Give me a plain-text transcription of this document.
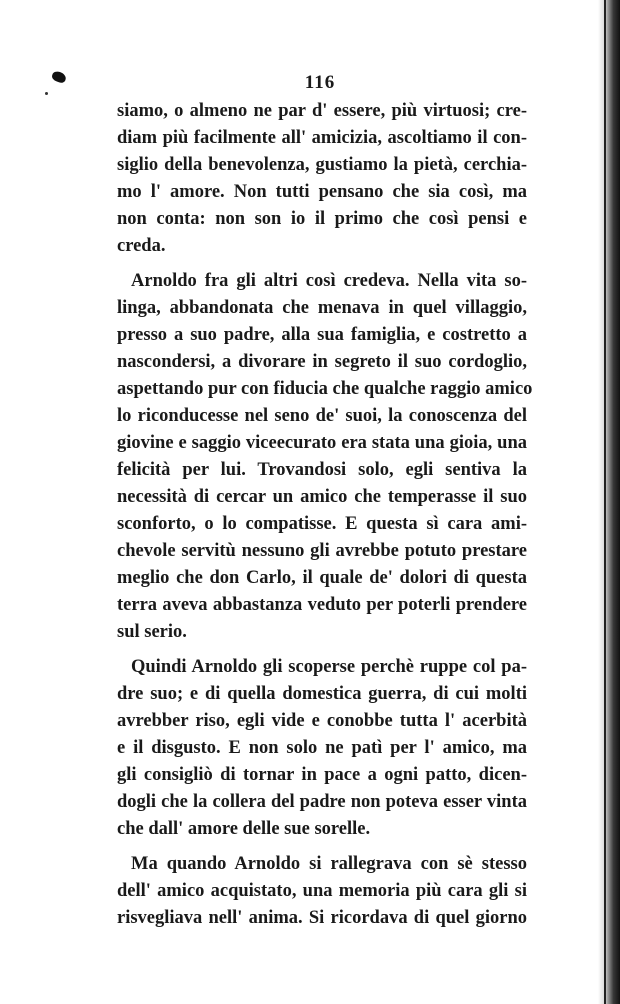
116
siamo, o almeno ne par d' essere, più virtuosi; cre-
diam più facilmente all' amicizia, ascoltiamo il con-
siglio della benevolenza, gustiamo la pietà, cerchia-
mo l' amore. Non tutti pensano che sia così, ma
non conta: non son io il primo che così pensi e
creda.
Arnoldo fra gli altri così credeva. Nella vita so-
linga, abbandonata che menava in quel villaggio,
presso a suo padre, alla sua famiglia, e costretto a
nascondersi, a divorare in segreto il suo cordoglio,
aspettando pur con fiducia che qualche raggio amico
lo riconducesse nel seno de' suoi, la conoscenza del
giovine e saggio viceecurato era stata una gioia, una
felicità per lui. Trovandosi solo, egli sentiva la
necessità di cercar un amico che temperasse il suo
sconforto, o lo compatisse. E questa sì cara ami-
chevole servitù nessuno gli avrebbe potuto prestare
meglio che don Carlo, il quale de' dolori di questa
terra aveva abbastanza veduto per poterli prendere
sul serio.
Quindi Arnoldo gli scoperse perchè ruppe col pa-
dre suo; e di quella domestica guerra, di cui molti
avrebber riso, egli vide e conobbe tutta l' acerbità
e il disgusto. E non solo ne patì per l' amico, ma
gli consigliò di tornar in pace a ogni patto, dicen-
dogli che la collera del padre non poteva esser vinta
che dall' amore delle sue sorelle.
Ma quando Arnoldo si rallegrava con sè stesso
dell' amico acquistato, una memoria più cara gli si
risvegliava nell' anima. Si ricordava di quel giorno
